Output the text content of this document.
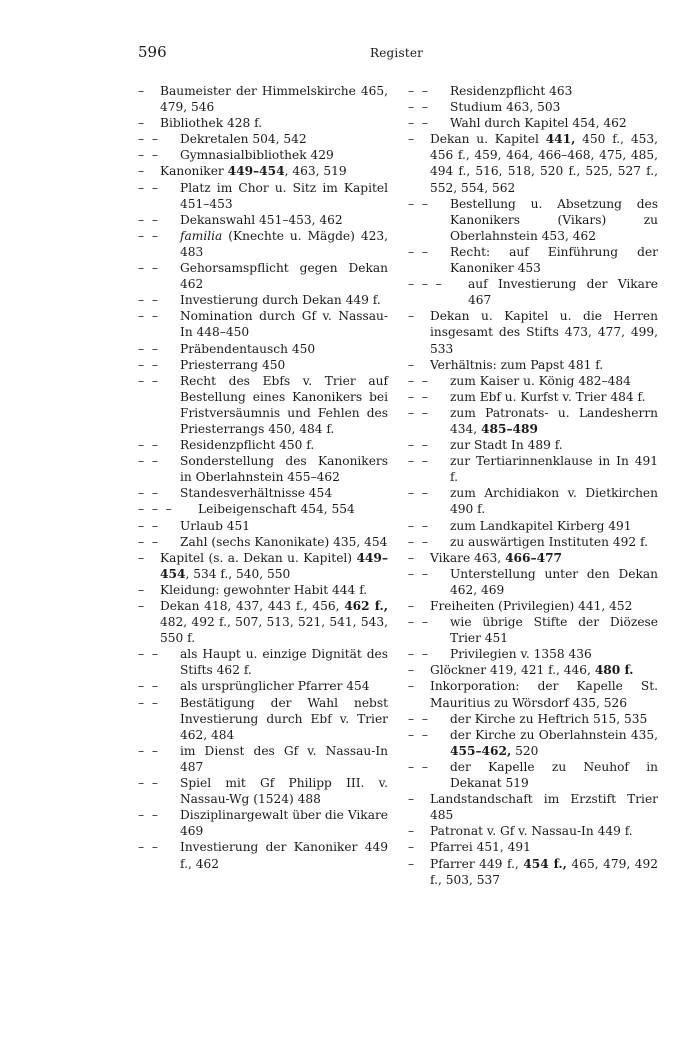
596	Register
–	Baumeister der Himmelskirche 465, 479, 546
–	Bibliothek 428 f.
–  –	Dekretalen 504, 542
–  –	Gymnasialbibliothek 429
–	Kanoniker 449–454, 463, 519
–  –	Platz im Chor u. Sitz im Kapitel 451–453
–  –	Dekanswahl 451–453, 462
–  –	familia (Knechte u. Mägde) 423, 483
–  –	Gehorsamspflicht gegen Dekan 462
–  –	Investierung durch Dekan 449 f.
–  –	Nomination durch Gf v. Nassau-In 448–450
–  –	Präbendentausch 450
–  –	Priesterrang 450
–  –	Recht des Ebfs v. Trier auf Bestellung eines Kanonikers bei Fristversäumnis und Fehlen des Priesterrangs 450, 484 f.
–  –	Residenzpflicht 450 f.
–  –	Sonderstellung des Kanonikers in Oberlahnstein 455–462
–  –	Standesverhältnisse 454
–  –  –	Leibeigenschaft 454, 554
–  –	Urlaub 451
–  –	Zahl (sechs Kanonikate) 435, 454
–	Kapitel (s. a. Dekan u. Kapitel) 449–454, 534 f., 540, 550
–	Kleidung: gewohnter Habit 444 f.
–	Dekan 418, 437, 443 f., 456, 462 f., 482, 492 f., 507, 513, 521, 541, 543, 550 f.
–  –	als Haupt u. einzige Dignität des Stifts 462 f.
–  –	als ursprünglicher Pfarrer 454
–  –	Bestätigung der Wahl nebst Investierung durch Ebf v. Trier 462, 484
–  –	im Dienst des Gf v. Nassau-In 487
–  –	Spiel mit Gf Philipp III. v. Nassau-Wg (1524) 488
–  –	Disziplinargewalt über die Vikare 469
–  –	Investierung der Kanoniker 449 f., 462
–  –	Residenzpflicht 463
–  –	Studium 463, 503
–  –	Wahl durch Kapitel 454, 462
–	Dekan u. Kapitel 441, 450 f., 453, 456 f., 459, 464, 466–468, 475, 485, 494 f., 516, 518, 520 f., 525, 527 f., 552, 554, 562
–  –	Bestellung u. Absetzung des Kanonikers (Vikars) zu Oberlahnstein 453, 462
–  –	Recht: auf Einführung der Kanoniker 453
–  –  –	auf Investierung der Vikare 467
–	Dekan u. Kapitel u. die Herren insgesamt des Stifts 473, 477, 499, 533
–	Verhältnis: zum Papst 481 f.
–  –	zum Kaiser u. König 482–484
–  –	zum Ebf u. Kurfst v. Trier 484 f.
–  –	zum Patronats- u. Landesherrn 434, 485–489
–  –	zur Stadt In 489 f.
–  –	zur Tertiarinnenklause in In 491 f.
–  –	zum Archidiakon v. Dietkirchen 490 f.
–  –	zum Landkapitel Kirberg 491
–  –	zu auswärtigen Instituten 492 f.
–	Vikare 463, 466–477
–  –	Unterstellung unter den Dekan 462, 469
–	Freiheiten (Privilegien) 441, 452
–  –	wie übrige Stifte der Diözese Trier 451
–  –	Privilegien v. 1358 436
–	Glöckner 419, 421 f., 446, 480 f.
–	Inkorporation: der Kapelle St. Mauritius zu Wörsdorf 435, 526
–  –	der Kirche zu Heftrich 515, 535
–  –	der Kirche zu Oberlahnstein 435, 455–462, 520
–  –	der Kapelle zu Neuhof in Dekanat 519
–	Landstandschaft im Erzstift Trier 485
–	Patronat v. Gf v. Nassau-In 449 f.
–	Pfarrei 451, 491
–	Pfarrer 449 f., 454 f., 465, 479, 492 f., 503, 537
